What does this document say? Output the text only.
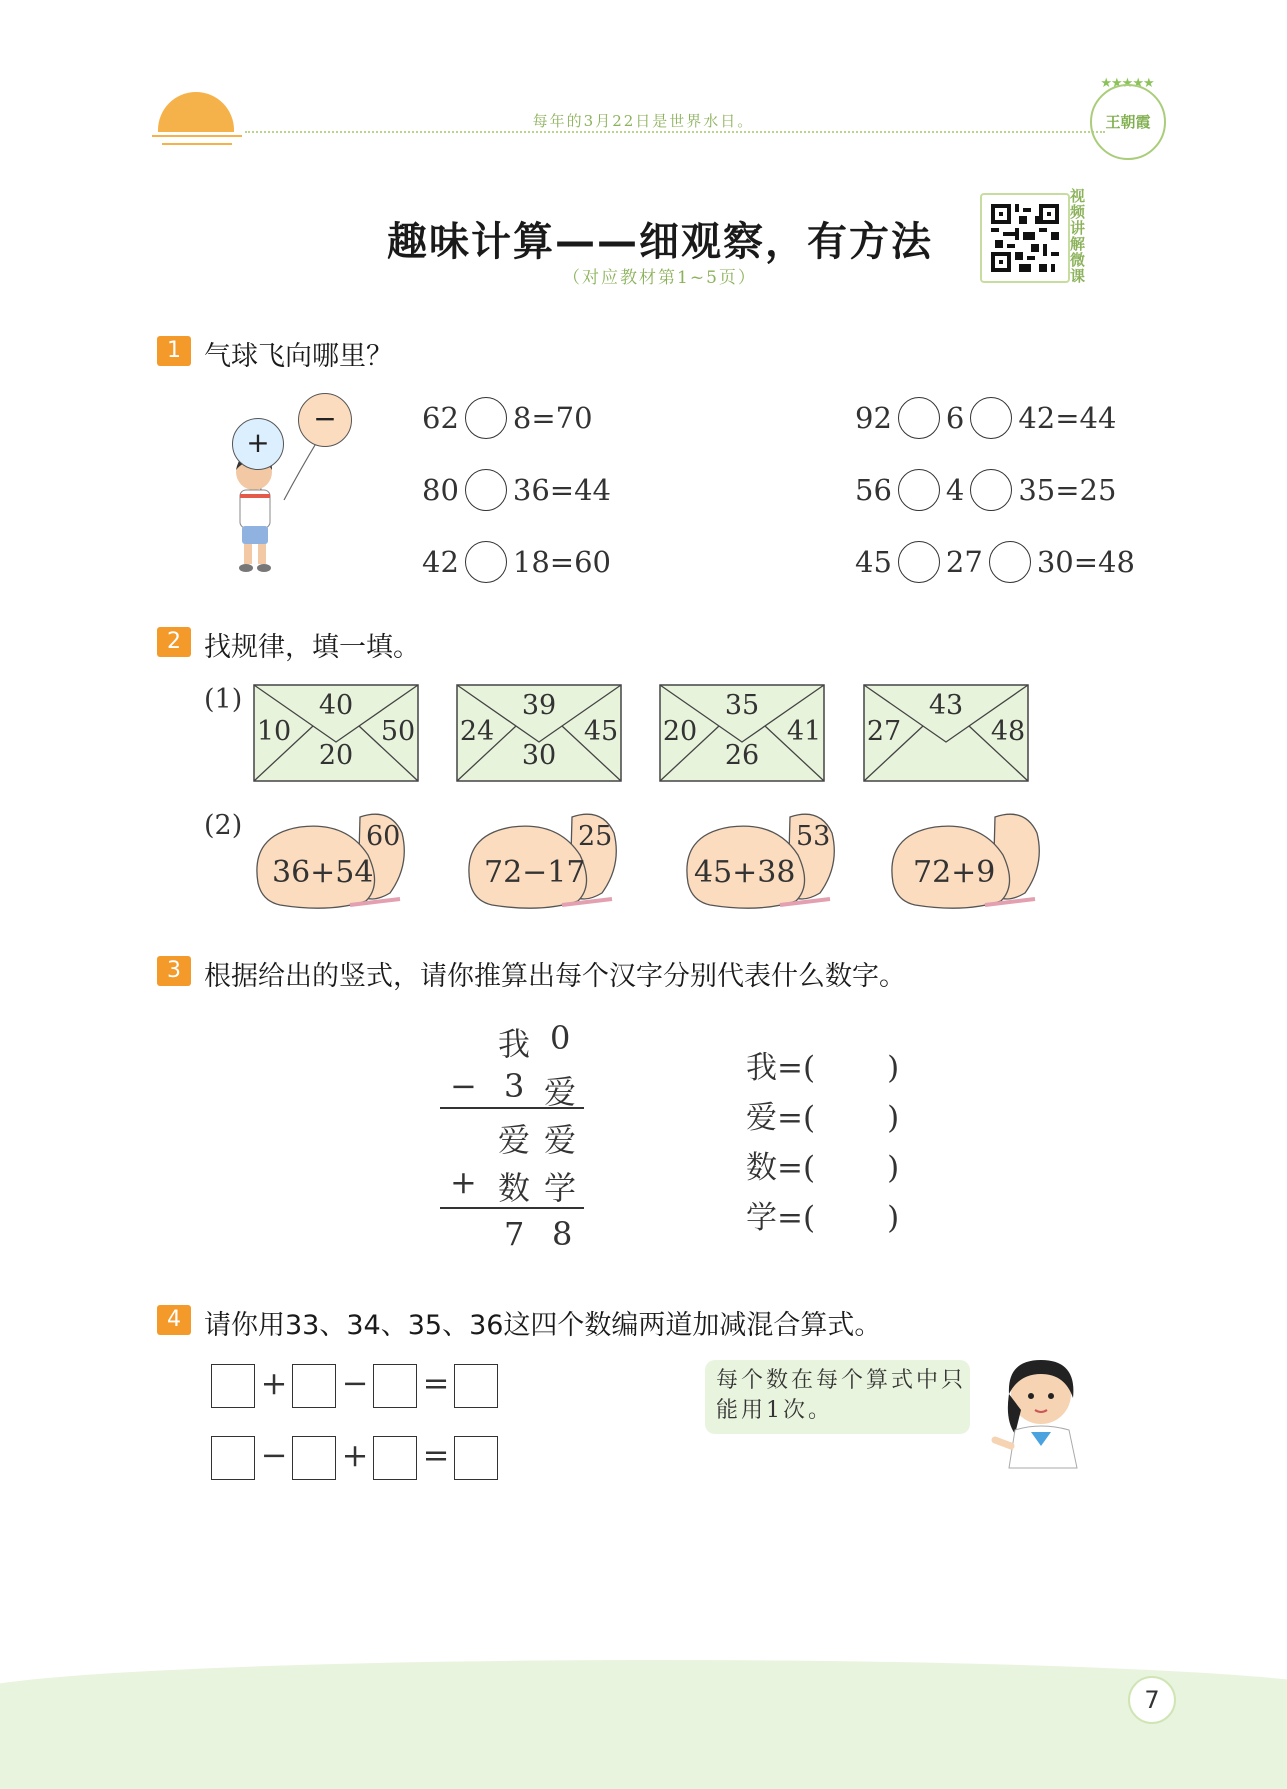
每年的3月22日是世界水日。
★★★★★
王朝霞
趣味计算——细观察，有方法
（对应教材第1~5页）
视频讲解微课
1 气球飞向哪里？
+
−	62 8=70
80 36=44
42 18=60
92 6 42=44
56 4 35=25
45 27 30=48
2 找规律，填一填。
(1)
(2)
40
10	50
20
39
24	45
30
35
20	41
26
43
27	48
60
36+54
25
72−17
53
45+38	72+9
3 根据给出的竖式，请你推算出每个汉字分别代表什么数字。
我 0
− 3 爱
爱 爱
+ 数 学
7 8
我=( )
爱=( )
数=( )
学=( )
4 请你用33、34、35、36这四个数编两道加减混合算式。
+ − =
− + =
每个数在每个算式中只能用1次。
7
